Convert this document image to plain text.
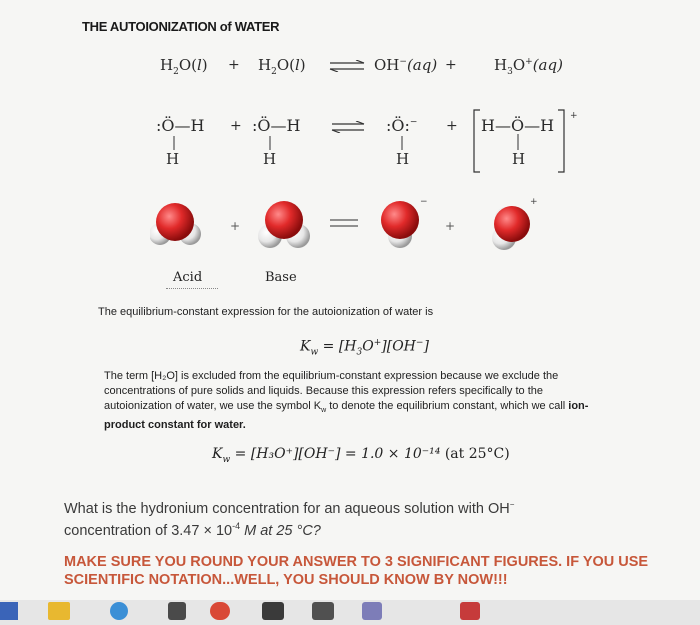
THE AUTOIONIZATION of WATER
$H_2O(l) + H_2O(l)$ ⇌ $OH^-(aq) + H_3O^+(aq)$
:Ö—H + :Ö—H ⇌ :Ö:− +
+
H—Ö—H
H	H	H	H
+
−
+
+
Acid	Base
The equilibrium-constant expression for the autoionization of water is
$K_w = [H_3O^+][OH^-]$
The term [H₂O] is excluded from the equilibrium-constant expression because we exclude the
concentrations of pure solids and liquids. Because this expression refers specifically to the
autoionization of water, we use the symbol $K_w$ to denote the equilibrium constant, which we call ion-
product constant for water.
$K_w = [H_3O^+][OH^-] = 1.0 \times 10^{-14}$ (at 25°C)
What is the hydronium concentration for an aqueous solution with OH−
concentration of $3.47 \times 10^{-4}$ M at 25 °C?
MAKE SURE YOU ROUND YOUR ANSWER TO 3 SIGNIFICANT FIGURES. IF YOU USE SCIENTIFIC NOTATION...WELL, YOU SHOULD KNOW BY NOW!!!
